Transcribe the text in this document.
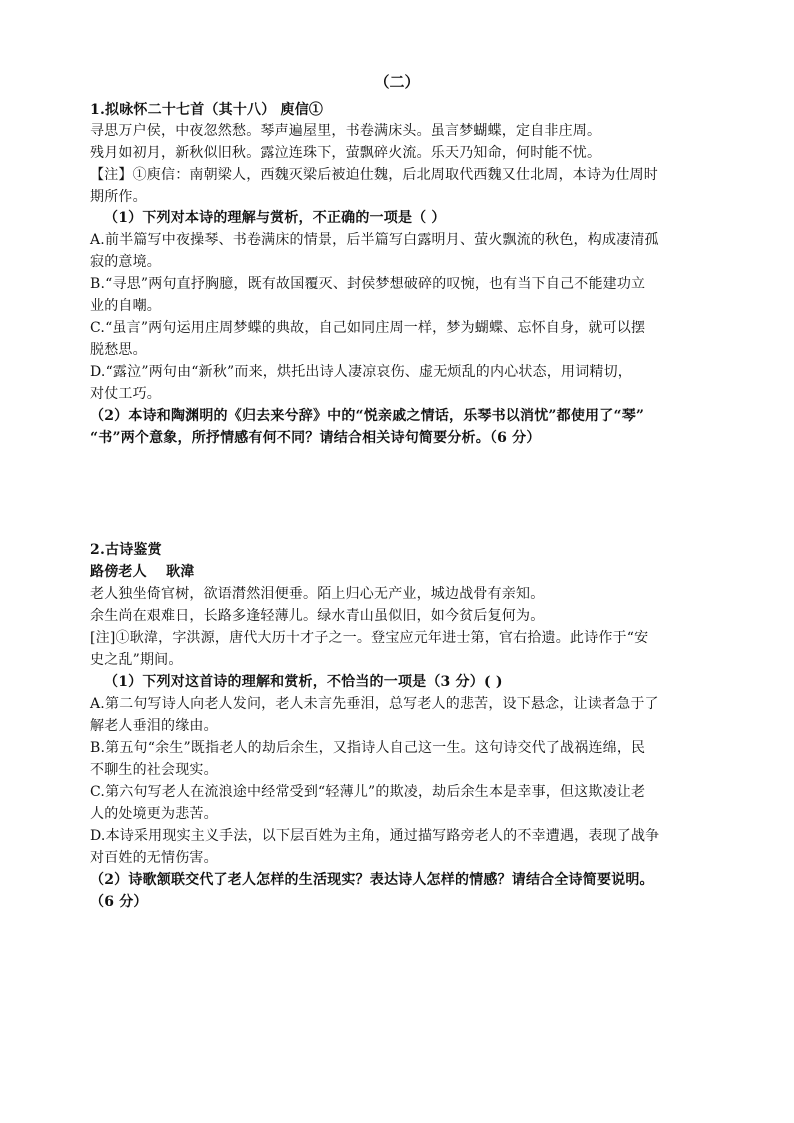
（二）
1.拟咏怀二十七首（其十八） 庾信①
寻思万户侯，中夜忽然愁。琴声遍屋里，书卷满床头。虽言梦蝴蝶，定自非庄周。
残月如初月，新秋似旧秋。露泣连珠下，萤飘碎火流。乐天乃知命，何时能不忧。
【注】①庾信：南朝梁人，西魏灭梁后被迫仕魏，后北周取代西魏又仕北周，本诗为仕周时
期所作。
（1）下列对本诗的理解与赏析，不正确的一项是（ ）
A.前半篇写中夜操琴、书卷满床的情景，后半篇写白露明月、萤火飘流的秋色，构成凄清孤
寂的意境。
B.“寻思”两句直抒胸臆，既有故国覆灭、封侯梦想破碎的叹惋，也有当下自己不能建功立
业的自嘲。
C.“虽言”两句运用庄周梦蝶的典故，自己如同庄周一样，梦为蝴蝶、忘怀自身，就可以摆
脱愁思。
D.“露泣”两句由“新秋”而来，烘托出诗人凄凉哀伤、虚无烦乱的内心状态，用词精切，
对仗工巧。
（2）本诗和陶渊明的《归去来兮辞》中的“悦亲戚之情话，乐琴书以消忧”都使用了“琴”
“书”两个意象，所抒情感有何不同？请结合相关诗句简要分析。（6 分）
2.古诗鉴赏
路傍老人　 耿湋
老人独坐倚官树，欲语潸然泪便垂。陌上归心无产业，城边战骨有亲知。
余生尚在艰难日，长路多逢轻薄儿。绿水青山虽似旧，如今贫后复何为。
[注]①耿湋，字洪源，唐代大历十才子之一。登宝应元年进士第，官右拾遗。此诗作于“安
史之乱”期间。
（1）下列对这首诗的理解和赏析，不恰当的一项是（3 分）( )
A.第二句写诗人向老人发问，老人未言先垂泪，总写老人的悲苦，设下悬念，让读者急于了
解老人垂泪的缘由。
B.第五句“余生”既指老人的劫后余生，又指诗人自己这一生。这句诗交代了战祸连绵，民
不聊生的社会现实。
C.第六句写老人在流浪途中经常受到“轻薄儿”的欺凌，劫后余生本是幸事，但这欺凌让老
人的处境更为悲苦。
D.本诗采用现实主义手法，以下层百姓为主角，通过描写路旁老人的不幸遭遇，表现了战争
对百姓的无情伤害。
（2）诗歌颔联交代了老人怎样的生活现实？表达诗人怎样的情感？请结合全诗简要说明。
（6 分）
